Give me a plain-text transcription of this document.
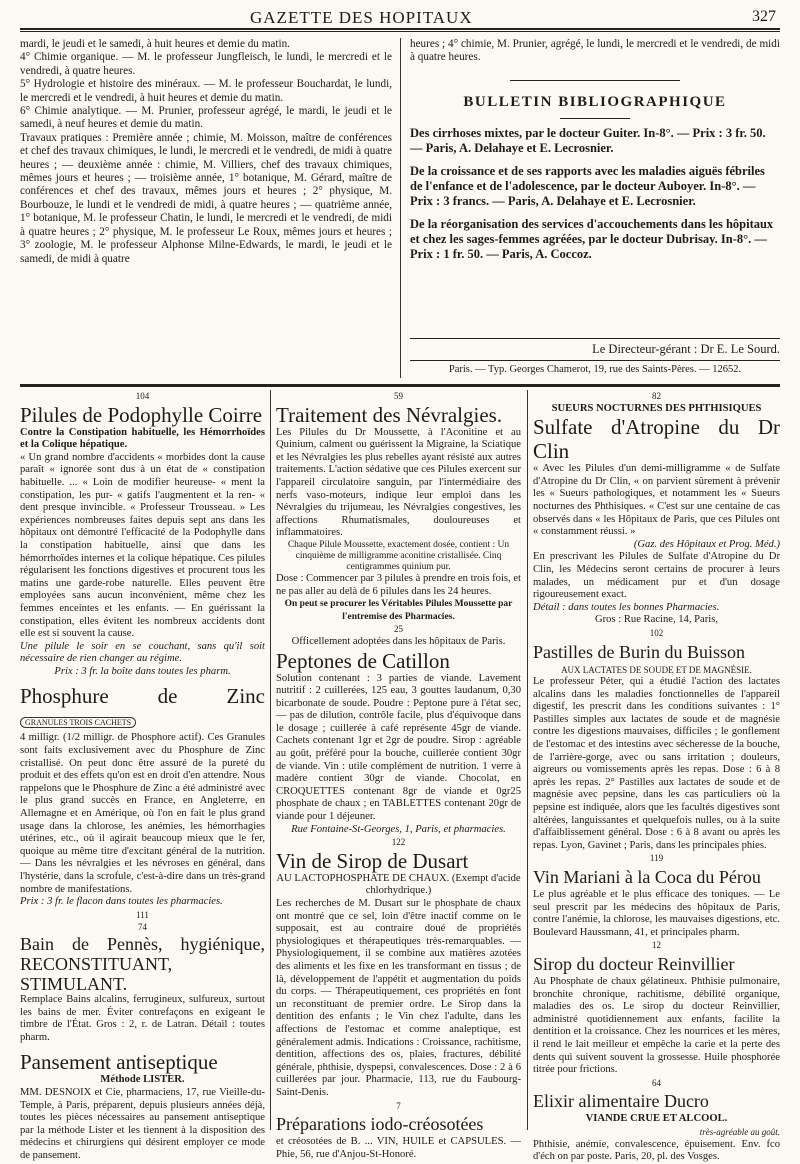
GAZETTE DES HOPITAUX	327

mardi, le jeudi et le samedi, à huit heures et demie du matin.

4° Chimie organique. — M. le professeur Jungfleisch, le lundi, le mercredi et le vendredi, à quatre heures.

5° Hydrologie et histoire des minéraux. — M. le professeur Bouchardat, le lundi, le mercredi et le vendredi, à huit heures et demie du matin.

6° Chimie analytique. — M. Prunier, professeur agrégé, le mardi, le jeudi et le samedi, à neuf heures et demie du matin.

Travaux pratiques : Première année ; chimie, M. Moisson, maître de conférences et chef des travaux chimiques, le lundi, le mercredi et le vendredi, de midi à quatre heures ; — deuxième année : chimie, M. Villiers, chef des travaux chimiques, mêmes jours et heures ; — troisième année, 1° botanique, M. Gérard, maître de conférences et chef des travaux, mêmes jours et heures ; 2° physique, M. Bourbouze, le lundi et le vendredi de midi, à quatre heures ; — quatrième année, 1° botanique, M. le professeur Chatin, le lundi, le mercredi et le vendredi, de midi à quatre heures ; 2° physique, M. le professeur Le Roux, mêmes jours et heures ; 3° zoologie, M. le professeur Alphonse Milne-Edwards, le mardi, le jeudi et le samedi, de midi à quatre

heures ; 4° chimie, M. Prunier, agrégé, le lundi, le mercredi et le vendredi, de midi à quatre heures.

BULLETIN BIBLIOGRAPHIQUE

Des cirrhoses mixtes, par le docteur Guiter. In-8°. — Prix : 3 fr. 50. — Paris, A. Delahaye et E. Lecrosnier.

De la croissance et de ses rapports avec les maladies aiguës fébriles de l'enfance et de l'adolescence, par le docteur Auboyer. In-8°. — Prix : 3 francs. — Paris, A. Delahaye et E. Lecrosnier.

De la réorganisation des services d'accouchements dans les hôpitaux et chez les sages-femmes agréées, par le docteur Dubrisay. In-8°. — Prix : 1 fr. 50. — Paris, A. Coccoz.

Le Directeur-gérant : Dr E. Le Sourd.
Paris. — Typ. Georges Chamerot, 19, rue des Saints-Pères. — 12652.
104
Pilules de Podophylle Coirre

Contre la Constipation habituelle, les Hémorrhoïdes et la Colique hépatique.

« Un grand nombre d'accidents « morbides dont la cause paraît « ignorée sont dus à un état de « constipation habituelle. ... « Loin de modifier heureuse- « ment la constipation, les pur- « gatifs l'augmentent et la ren- « dent presque invincible. « Professeur Trousseau. » Les expériences nombreuses faites depuis sept ans dans les hôpitaux ont démontré l'efficacité de la Podophylle dans la constipation habituelle, ainsi que dans les hémorrhoïdes internes et la colique hépatique. Ces pilules régularisent les fonctions digestives et procurent tous les matins une garde-robe naturelle. Elles peuvent être employées sans aucun inconvénient, même chez les femmes enceintes et les enfants. — En guérissant la constipation, elles évitent les nombreux accidents dont elle est si souvent la cause.

Une pilule le soir en se couchant, sans qu'il soit nécessaire de rien changer au régime.

Prix : 3 fr. la boîte dans toutes les pharm.

Phosphure de Zinc GRANULES TROIS CACHETS

4 milligr. (1/2 milligr. de Phosphore actif). Ces Granules sont faits exclusivement avec du Phosphure de Zinc cristallisé. On peut donc être assuré de la pureté du produit et des effets qu'on est en droit d'en attendre. Nous rappelons que le Phosphure de Zinc a été administré avec le plus grand succès en France, en Angleterre, en Allemagne et en Amérique, où l'on en fait le plus grand usage dans la chlorose, les anémies, les hémorrhagies utérines, etc., où il agirait beaucoup mieux que le fer, quoique au même titre d'excitant général de la nutrition. — Dans les névralgies et les névroses en général, dans l'hystérie, dans la scrofule, c'est-à-dire dans un très-grand nombre de manifestations.

Prix : 3 fr. le flacon dans toutes les pharmacies.

111
74
Bain de Pennès, hygiénique, RECONSTITUANT, STIMULANT.

Remplace Bains alcalins, ferrugineux, sulfureux, surtout les bains de mer. Éviter contrefaçons en exigeant le timbre de l'État. Gros : 2, r. de Latran. Détail : toutes pharm.

Pansement antiseptique

Méthode LISTER.

MM. DESNOIX et Cie, pharmaciens, 17, rue Vieille-du-Temple, à Paris, préparent, depuis plusieurs années déjà, toutes les pièces nécessaires au pansement antiseptique par la méthode Lister et les tiennent à la disposition des médecins et chirurgiens qui désirent employer ce mode de pansement.

59
Traitement des Névralgies.

Les Pilules du Dr Moussette, à l'Aconitine et au Quinium, calment ou guérissent la Migraine, la Sciatique et les Névralgies les plus rebelles ayant résisté aux autres traitements. L'action sédative que ces Pilules exercent sur l'appareil circulatoire sanguin, par l'intermédiaire des nerfs vaso-moteurs, indique leur emploi dans les Névralgies du trijumeau, les Névralgies congestives, les affections Rhumatismales, douloureuses et inflammatoires.

Chaque Pilule Moussette, exactement dosée, contient : Un cinquième de milligramme aconitine cristallisée. Cinq centigrammes quinium pur.

Dose : Commencer par 3 pilules à prendre en trois fois, et ne pas aller au delà de 6 pilules dans les 24 heures.

On peut se procurer les Véritables Pilules Moussette par l'entremise des Pharmacies.

25

Officellement adoptées dans les hôpitaux de Paris.

Peptones de Catillon

Solution contenant : 3 parties de viande. Lavement nutritif : 2 cuillerées, 125 eau, 3 gouttes laudanum, 0,30 bicarbonate de soude. Poudre : Peptone pure à l'état sec, — pas de dilution, contrôle facile, plus d'équivoque dans le dosage ; cuillerée à café représente 45gr de viande. Cachets contenant 1gr et 2gr de poudre. Sirop : agréable au goût, préféré pour la bouche, cuillerée contient 30gr de viande. Vin : utile complément de nutrition. 1 verre à madère contient 30gr de viande. Chocolat, en CROQUETTES contenant 8gr de viande et 0gr25 phosphate de chaux ; en TABLETTES contenant 20gr de viande pour 1 déjeuner.

Rue Fontaine-St-Georges, 1, Paris, et pharmacies.

122
Vin de Sirop de Dusart

AU LACTOPHOSPHATE DE CHAUX. (Exempt d'acide chlorhydrique.)

Les recherches de M. Dusart sur le phosphate de chaux ont montré que ce sel, loin d'être inactif comme on le supposait, est au contraire doué de propriétés physiologiques et thérapeutiques très-remarquables. — Physiologiquement, il se combine aux matières azotées des aliments et les fixe en les transformant en tissus ; de là, développement de l'appétit et augmentation du poids du corps. — Thérapeutiquement, ces propriétés en font un reconstituant de premier ordre. Le Sirop dans la dentition des enfants ; le Vin chez l'adulte, dans les affections de l'estomac et comme analeptique, est généralement admis. Indications : Croissance, rachitisme, dentition, affections des os, plaies, fractures, débilité générale, phthisie, dyspepsi, convalescences. Dose : 2 à 6 cuillerées par jour. Pharmacie, 113, rue du Faubourg-Saint-Denis.

7
Préparations iodo-créosotées

et créosotées de B. ... VIN, HUILE et CAPSULES. — Phie, 56, rue d'Anjou-St-Honoré.

82

SUEURS NOCTURNES DES PHTHISIQUES

Sulfate d'Atropine du Dr Clin

« Avec les Pilules d'un demi-milligramme « de Sulfate d'Atropine du Dr Clin, « on parvient sûrement à prévenir les « Sueurs pathologiques, et notamment les « Sueurs nocturnes des Phthisiques. « C'est sur une centaine de cas observés dans « les Hôpitaux de Paris, que ces Pilules ont « constamment réussi. »

(Gaz. des Hôpitaux et Prog. Méd.)

En prescrivant les Pilules de Sulfate d'Atropine du Dr Clin, les Médecins seront certains de procurer à leurs malades, un médicament pur et d'un dosage rigoureusement exact.

Détail : dans toutes les bonnes Pharmacies.

Gros : Rue Racine, 14, Paris,

102
Pastilles de Burin du Buisson

AUX LACTATES DE SOUDE ET DE MAGNÉSIE.

Le professeur Péter, qui a étudié l'action des lactates alcalins dans les maladies fonctionnelles de l'appareil digestif, les prescrit dans les conditions suivantes : 1° Pastilles simples aux lactates de soude et de magnésie contre les digestions mauvaises, difficiles ; le gonflement de l'estomac et des intestins avec sécheresse de la bouche, de l'arrière-gorge, avec ou sans irritation ; douleurs, aigreurs ou vomissements après les repas. Dose : 6 à 8 après les repas. 2° Pastilles aux lactates de soude et de magnésie avec pepsine, dans les cas particuliers où la pepsine est indiquée, alors que les facultés digestives sont altérées, languissantes et quelquefois nulles, ou à la suite d'affaiblissement général. Dose : 6 à 8 avant ou après les repas. Lyon, Gavinet ; Paris, dans les principales phies.

119
Vin Mariani à la Coca du Pérou

Le plus agréable et le plus efficace des toniques. — Le seul prescrit par les médecins des hôpitaux de Paris, contre l'anémie, la chlorose, les mauvaises digestions, etc. Boulevard Haussmann, 41, et principales pharm.

12
Sirop du docteur Reinvillier

Au Phosphate de chaux gélatineux. Phthisie pulmonaire, bronchite chronique, rachitisme, débilité organique, maladies des os. Le sirop du docteur Reinvillier, administré quotidiennement aux enfants, facilite la dentition et la croissance. Chez les nourrices et les mères, il rend le lait meilleur et empêche la carie et la perte des dents qui suivent souvent la grossesse. Huile phosphorée titrée pour frictions.

64
Elixir alimentaire Ducro

VIANDE CRUE ET ALCOOL.

très-agréable au goût.

Phthisie, anémie, convalescence, épuisement. Env. fco d'éch on par poste. Paris, 20, pl. des Vosges.
